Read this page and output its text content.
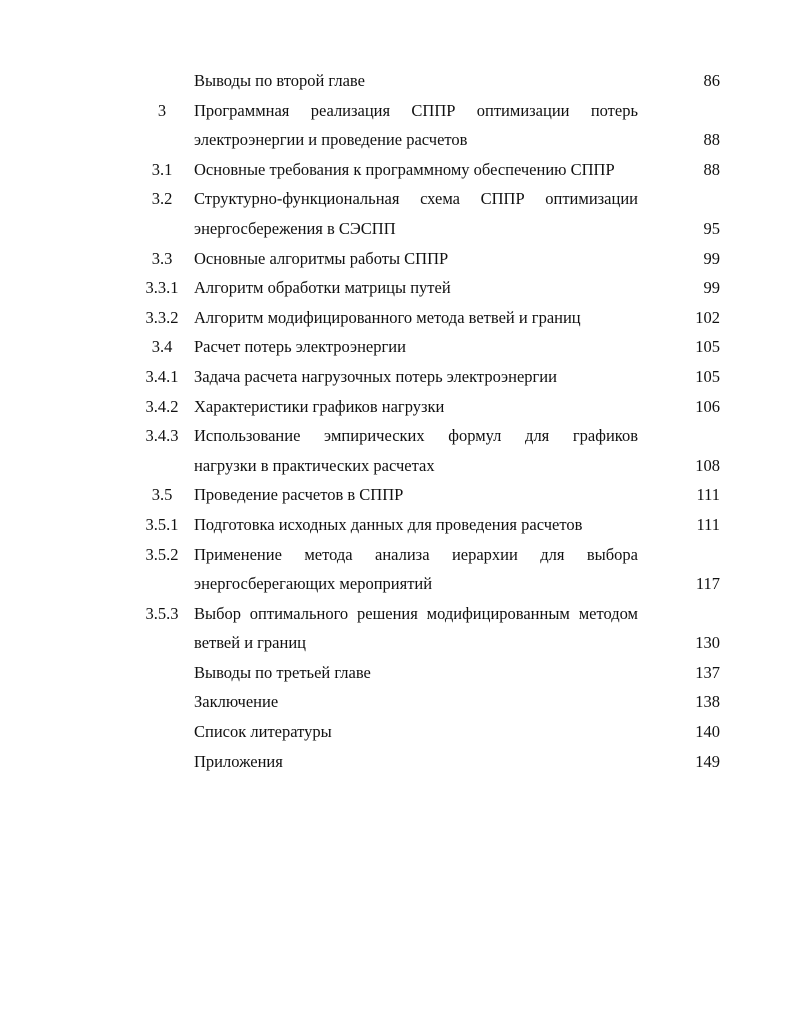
Выводы по второй главе	86
3	Программная реализация СППР оптимизации потерь
электроэнергии и проведение расчетов	88
3.1	Основные требования к программному обеспечению СППР	88
3.2	Структурно-функциональная схема СППР оптимизации
энергосбережения в СЭСПП	95
3.3	Основные алгоритмы работы СППР	99
3.3.1 Алгоритм обработки матрицы путей	99
3.3.2 Алгоритм модифицированного метода ветвей и границ	102
3.4	Расчет потерь электроэнергии	105
3.4.1 Задача расчета нагрузочных потерь электроэнергии	105
3.4.2 Характеристики графиков нагрузки	106
3.4.3 Использование эмпирических формул для графиков
нагрузки в практических расчетах	108
3.5	Проведение расчетов в СППР	111
3.5.1 Подготовка исходных данных для проведения расчетов	111
3.5.2 Применение метода анализа иерархии для выбора
энергосберегающих мероприятий	117
3.5.3 Выбор оптимального решения модифицированным методом
ветвей и границ	130
Выводы по третьей главе	137
Заключение	138
Список литературы	140
Приложения	149
